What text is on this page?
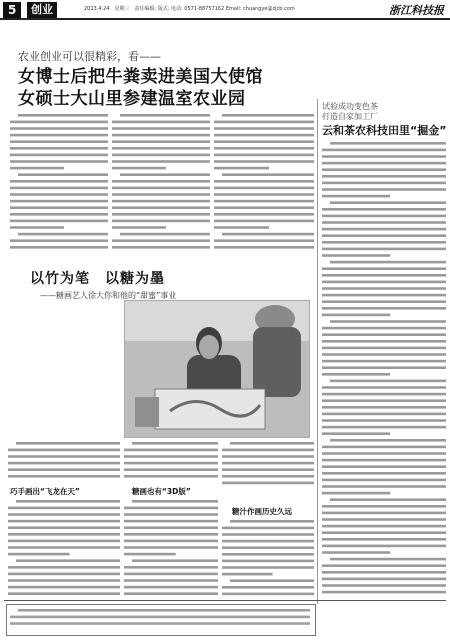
5	创业	2013.4.24　星期三　责任编辑: 版式: 电话: 0571-88757162 Email: chuangye@zjcb.com	浙江科技报
农业创业可以很精彩，看——
女博士后把牛粪卖进美国大使馆
女硕士大山里参建温室农业园	试验成功变色茶
打造自家加工厂
云和茶农科技田里“掘金”
以竹为笔　以糖为墨
——糖画艺人徐大你和他的“甜蜜”事业
巧手画出“飞龙在天”	糖画也有“3D版”
糖汁作画历史久远
